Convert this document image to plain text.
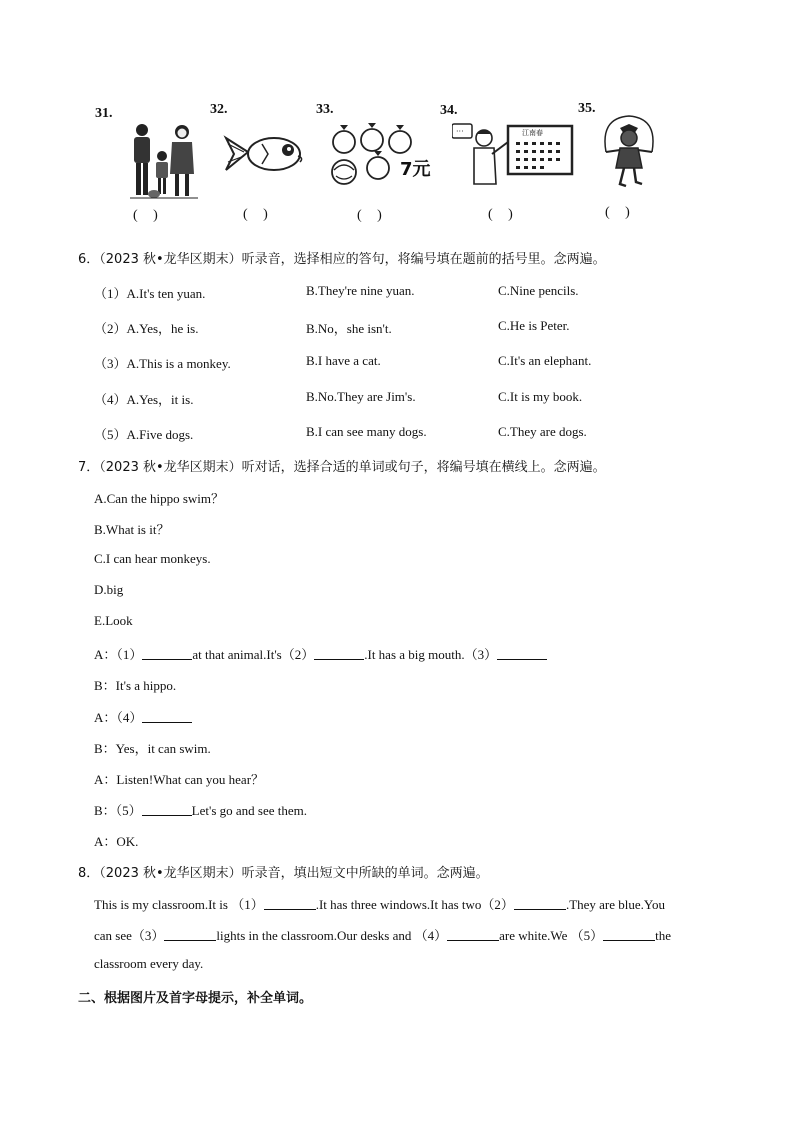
31.
( )
32.
( )
33.
7元
( )
34.
···	江南春
( )
35.
( )
6．（2023 秋•龙华区期末）听录音，选择相应的答句，将编号填在题前的括号里。念两遍。
（1）A.It's ten yuan.	B.They're nine yuan.	C.Nine pencils.
（2）A.Yes，he is.	B.No，she isn't.	C.He is Peter.
（3）A.This is a monkey.	B.I have a cat.	C.It's an elephant.
（4）A.Yes，it is.	B.No.They are Jim's.	C.It is my book.
（5）A.Five dogs.	B.I can see many dogs.	C.They are dogs.
7．（2023 秋•龙华区期末）听对话，选择合适的单词或句子，将编号填在横线上。念两遍。
A.Can the hippo swim？
B.What is it？
C.I can hear monkeys.
D.big
E.Look
A：（1）	at that animal.It's（2）	.It has a big mouth.（3）
B：It's a hippo.
A：（4）
B：Yes，it can swim.
A：Listen!What can you hear？
B：（5）	Let's go and see them.
A：OK.
8．（2023 秋•龙华区期末）听录音，填出短文中所缺的单词。念两遍。
This is my classroom.It is （1）	.It has three windows.It has two（2）	.They are blue.You
can see（3）	lights in the classroom.Our desks and （4）	are white.We （5）	the
classroom every day.
二、根据图片及首字母提示，补全单词。
